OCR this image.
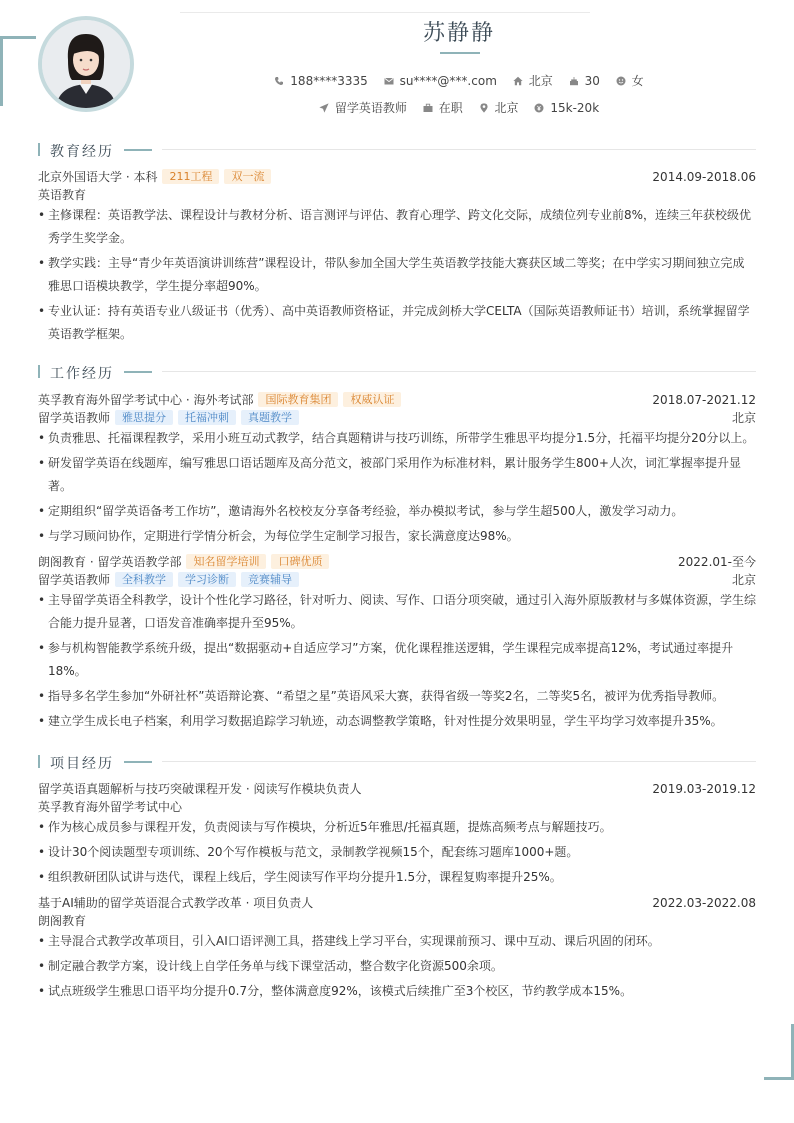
苏静静
188****3335	su****@***.com	北京	30	女
留学英语教师	在职	北京	15k-20k
教育经历
北京外国语大学 · 本科 211工程 双一流	2014.09-2018.06
英语教育
• 主修课程：英语教学法、课程设计与教材分析、语言测评与评估、教育心理学、跨文化交际，成绩位列专业前8%，连续三年获校级优秀学生奖学金。
• 教学实践：主导“青少年英语演讲训练营”课程设计，带队参加全国大学生英语教学技能大赛获区域二等奖；在中学实习期间独立完成雅思口语模块教学，学生提分率超90%。
• 专业认证：持有英语专业八级证书（优秀）、高中英语教师资格证，并完成剑桥大学CELTA（国际英语教师证书）培训，系统掌握留学英语教学框架。
工作经历
英孚教育海外留学考试中心 · 海外考试部 国际教育集团 权威认证	2018.07-2021.12
留学英语教师 雅思提分 托福冲刺 真题教学	北京
• 负责雅思、托福课程教学，采用小班互动式教学，结合真题精讲与技巧训练，所带学生雅思平均提分1.5分，托福平均提分20分以上。
• 研发留学英语在线题库，编写雅思口语话题库及高分范文，被部门采用作为标准材料，累计服务学生800+人次，词汇掌握率提升显著。
• 定期组织“留学英语备考工作坊”，邀请海外名校校友分享备考经验，举办模拟考试，参与学生超500人，激发学习动力。
• 与学习顾问协作，定期进行学情分析会，为每位学生定制学习报告，家长满意度达98%。
朗阁教育 · 留学英语教学部 知名留学培训 口碑优质	2022.01-至今
留学英语教师 全科教学 学习诊断 竞赛辅导	北京
• 主导留学英语全科教学，设计个性化学习路径，针对听力、阅读、写作、口语分项突破，通过引入海外原版教材与多媒体资源，学生综合能力提升显著，口语发音准确率提升至95%。
• 参与机构智能教学系统升级，提出“数据驱动+自适应学习”方案，优化课程推送逻辑，学生课程完成率提高12%，考试通过率提升18%。
• 指导多名学生参加“外研社杯”英语辩论赛、“希望之星”英语风采大赛，获得省级一等奖2名，二等奖5名，被评为优秀指导教师。
• 建立学生成长电子档案，利用学习数据追踪学习轨迹，动态调整教学策略，针对性提分效果明显，学生平均学习效率提升35%。
项目经历
留学英语真题解析与技巧突破课程开发 · 阅读写作模块负责人	2019.03-2019.12
英孚教育海外留学考试中心
• 作为核心成员参与课程开发，负责阅读与写作模块，分析近5年雅思/托福真题，提炼高频考点与解题技巧。
• 设计30个阅读题型专项训练、20个写作模板与范文，录制教学视频15个，配套练习题库1000+题。
• 组织教研团队试讲与迭代，课程上线后，学生阅读写作平均分提升1.5分，课程复购率提升25%。
基于AI辅助的留学英语混合式教学改革 · 项目负责人	2022.03-2022.08
朗阁教育
• 主导混合式教学改革项目，引入AI口语评测工具，搭建线上学习平台，实现课前预习、课中互动、课后巩固的闭环。
• 制定融合教学方案，设计线上自学任务单与线下课堂活动，整合数字化资源500余项。
• 试点班级学生雅思口语平均分提升0.7分，整体满意度92%，该模式后续推广至3个校区，节约教学成本15%。
